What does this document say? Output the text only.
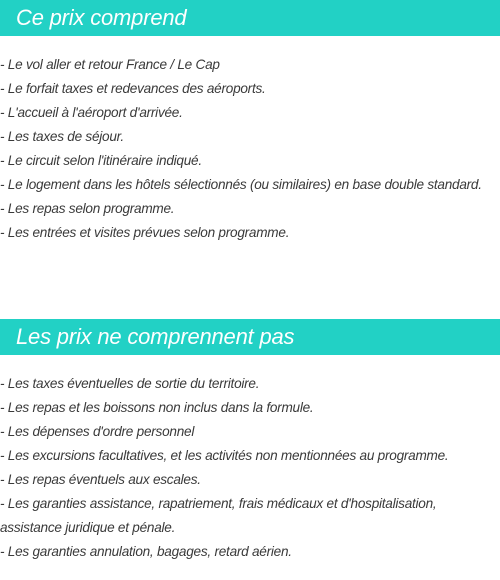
Ce prix comprend
- Le vol aller et retour France / Le Cap
- Le forfait taxes et redevances des aéroports.
- L'accueil à l'aéroport d'arrivée.
- Les taxes de séjour.
- Le circuit selon l'itinéraire indiqué.
- Le logement dans les hôtels sélectionnés (ou similaires) en base double standard.
- Les repas selon programme.
- Les entrées et visites prévues selon programme.
Les prix ne comprennent pas
- Les taxes éventuelles de sortie du territoire.
- Les repas et les boissons non inclus dans la formule.
- Les dépenses d'ordre personnel
- Les excursions facultatives, et les activités non mentionnées au programme.
- Les repas éventuels aux escales.
- Les garanties assistance, rapatriement, frais médicaux et d'hospitalisation, assistance juridique et pénale.
- Les garanties annulation, bagages, retard aérien.
